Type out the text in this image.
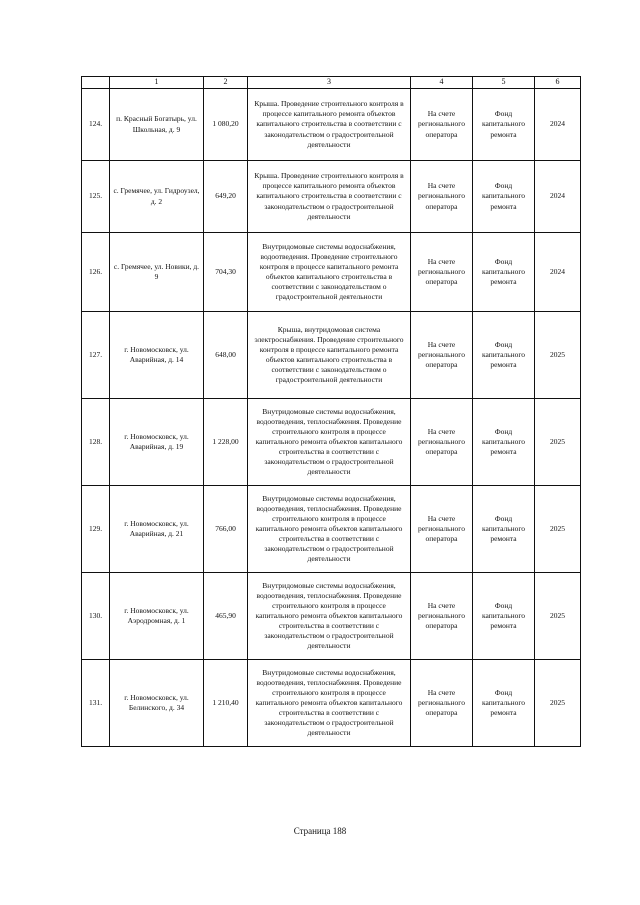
	1	2	3	4	5	6
124.	п. Красный Богатырь, ул. Школьная, д. 9	1 080,20	Крыша. Проведение строительного контроля в процессе капитального ремонта объектов капитального строительства в соответствии с законодательством о градостроительной деятельности	На счете регионального оператора	Фонд капитального ремонта	2024
125.	с. Гремячее, ул. Гидроузел, д. 2	649,20	Крыша. Проведение строительного контроля в процессе капитального ремонта объектов капитального строительства в соответствии с законодательством о градостроительной деятельности	На счете регионального оператора	Фонд капитального ремонта	2024
126.	с. Гремячее, ул. Новики, д. 9	704,30	Внутридомовые системы водоснабжения, водоотведения. Проведение строительного контроля в процессе капитального ремонта объектов капитального строительства в соответствии с законодательством о градостроительной деятельности	На счете регионального оператора	Фонд капитального ремонта	2024
127.	г. Новомосковск, ул. Аварийная, д. 14	648,00	Крыша, внутридомовая система электроснабжения. Проведение строительного контроля в процессе капитального ремонта объектов капитального строительства в соответствии с законодательством о градостроительной деятельности	На счете регионального оператора	Фонд капитального ремонта	2025
128.	г. Новомосковск, ул. Аварийная, д. 19	1 228,00	Внутридомовые системы водоснабжения, водоотведения, теплоснабжения. Проведение строительного контроля в процессе капитального ремонта объектов капитального строительства в соответствии с законодательством о градостроительной деятельности	На счете регионального оператора	Фонд капитального ремонта	2025
129.	г. Новомосковск, ул. Аварийная, д. 21	766,00	Внутридомовые системы водоснабжения, водоотведения, теплоснабжения. Проведение строительного контроля в процессе капитального ремонта объектов капитального строительства в соответствии с законодательством о градостроительной деятельности	На счете регионального оператора	Фонд капитального ремонта	2025
130.	г. Новомосковск, ул. Аэродромная, д. 1	465,90	Внутридомовые системы водоснабжения, водоотведения, теплоснабжения. Проведение строительного контроля в процессе капитального ремонта объектов капитального строительства в соответствии с законодательством о градостроительной деятельности	На счете регионального оператора	Фонд капитального ремонта	2025
131.	г. Новомосковск, ул. Белинского, д. 34	1 210,40	Внутридомовые системы водоснабжения, водоотведения, теплоснабжения. Проведение строительного контроля в процессе капитального ремонта объектов капитального строительства в соответствии с законодательством о градостроительной деятельности	На счете регионального оператора	Фонд капитального ремонта	2025
Страница 188
